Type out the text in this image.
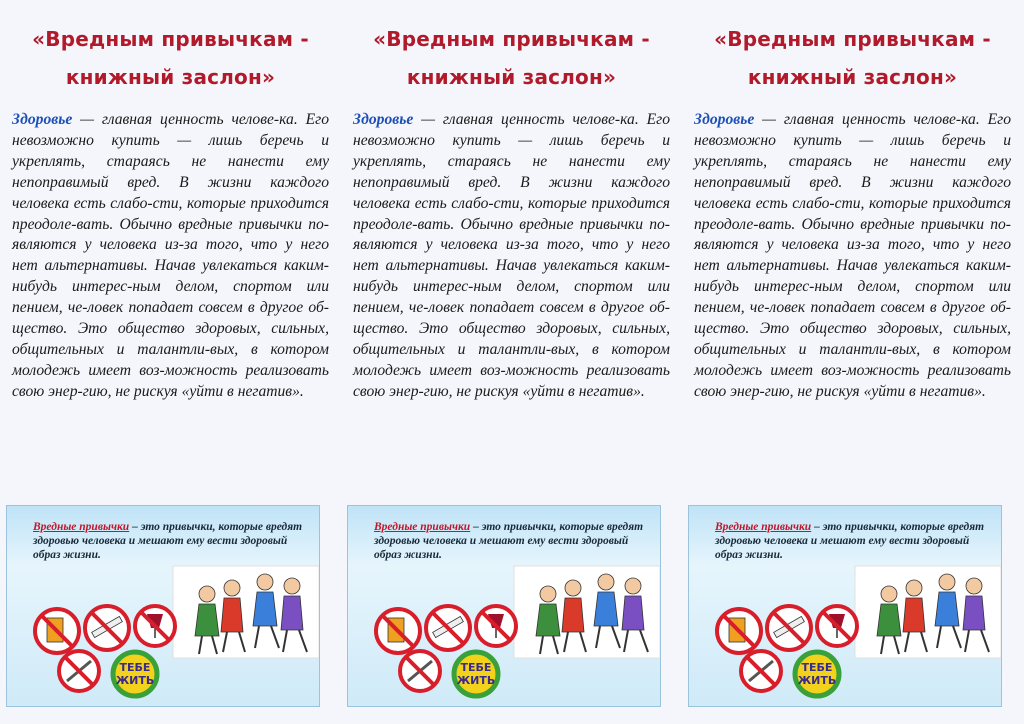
«Вредным привычкам -
книжный заслон»
Здоровье — главная ценность челове-ка. Его невозможно купить — лишь беречь и укреплять, стараясь не нанести ему непоправимый вред. В жизни каждого человека есть слабо-сти, которые приходится преодоле-вать. Обычно вредные привычки по-являются у человека из-за того, что у него нет альтернативы. Начав увлекаться каким-нибудь интерес-ным делом, спортом или пением, че-ловек попадает совсем в другое об-щество. Это общество здоровых, сильных, общительных и талантли-вых, в котором молодежь имеет воз-можность реализовать свою энер-гию, не рискуя «уйти в негатив».
ТЕБЕ
ЖИТЬ
Вредные привычки – это привычки, которые вредят здоровью человека и мешают ему вести здоровый образ жизни.
«Вредным привычкам -
книжный заслон»
Здоровье — главная ценность челове-ка. Его невозможно купить — лишь беречь и укреплять, стараясь не нанести ему непоправимый вред. В жизни каждого человека есть слабо-сти, которые приходится преодоле-вать. Обычно вредные привычки по-являются у человека из-за того, что у него нет альтернативы. Начав увлекаться каким-нибудь интерес-ным делом, спортом или пением, че-ловек попадает совсем в другое об-щество. Это общество здоровых, сильных, общительных и талантли-вых, в котором молодежь имеет воз-можность реализовать свою энер-гию, не рискуя «уйти в негатив».
ТЕБЕ
ЖИТЬ
Вредные привычки – это привычки, которые вредят здоровью человека и мешают ему вести здоровый образ жизни.
«Вредным привычкам -
книжный заслон»
Здоровье — главная ценность челове-ка. Его невозможно купить — лишь беречь и укреплять, стараясь не нанести ему непоправимый вред. В жизни каждого человека есть слабо-сти, которые приходится преодоле-вать. Обычно вредные привычки по-являются у человека из-за того, что у него нет альтернативы. Начав увлекаться каким-нибудь интерес-ным делом, спортом или пением, че-ловек попадает совсем в другое об-щество. Это общество здоровых, сильных, общительных и талантли-вых, в котором молодежь имеет воз-можность реализовать свою энер-гию, не рискуя «уйти в негатив».
ТЕБЕ
ЖИТЬ
Вредные привычки – это привычки, которые вредят здоровью человека и мешают ему вести здоровый образ жизни.
